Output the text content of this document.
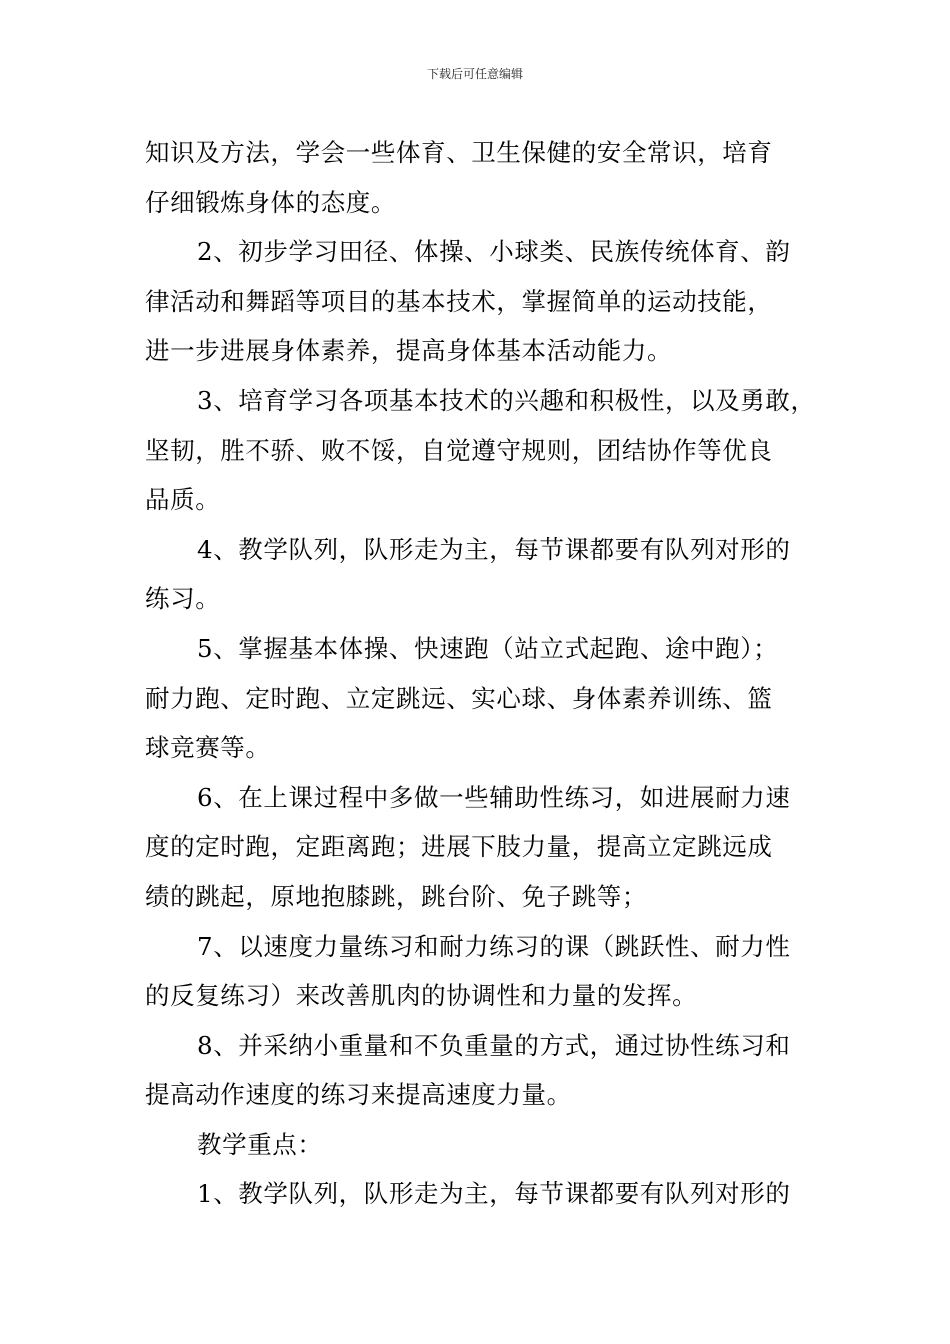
下载后可任意编辑
知识及方法，学会一些体育、卫生保健的安全常识，培育
仔细锻炼身体的态度。
2、初步学习田径、体操、小球类、民族传统体育、韵
律活动和舞蹈等项目的基本技术，掌握简单的运动技能，
进一步进展身体素养，提高身体基本活动能力。
3、培育学习各项基本技术的兴趣和积极性，以及勇敢，
坚韧，胜不骄、败不馁，自觉遵守规则，团结协作等优良
品质。
4、教学队列，队形走为主，每节课都要有队列对形的
练习。
5、掌握基本体操、快速跑（站立式起跑、途中跑）；
耐力跑、定时跑、立定跳远、实心球、身体素养训练、篮
球竞赛等。
6、在上课过程中多做一些辅助性练习，如进展耐力速
度的定时跑，定距离跑；进展下肢力量，提高立定跳远成
绩的跳起，原地抱膝跳，跳台阶、免子跳等；
7、以速度力量练习和耐力练习的课（跳跃性、耐力性
的反复练习）来改善肌肉的协调性和力量的发挥。
8、并采纳小重量和不负重量的方式，通过协性练习和
提高动作速度的练习来提高速度力量。
教学重点：
1、教学队列，队形走为主，每节课都要有队列对形的
